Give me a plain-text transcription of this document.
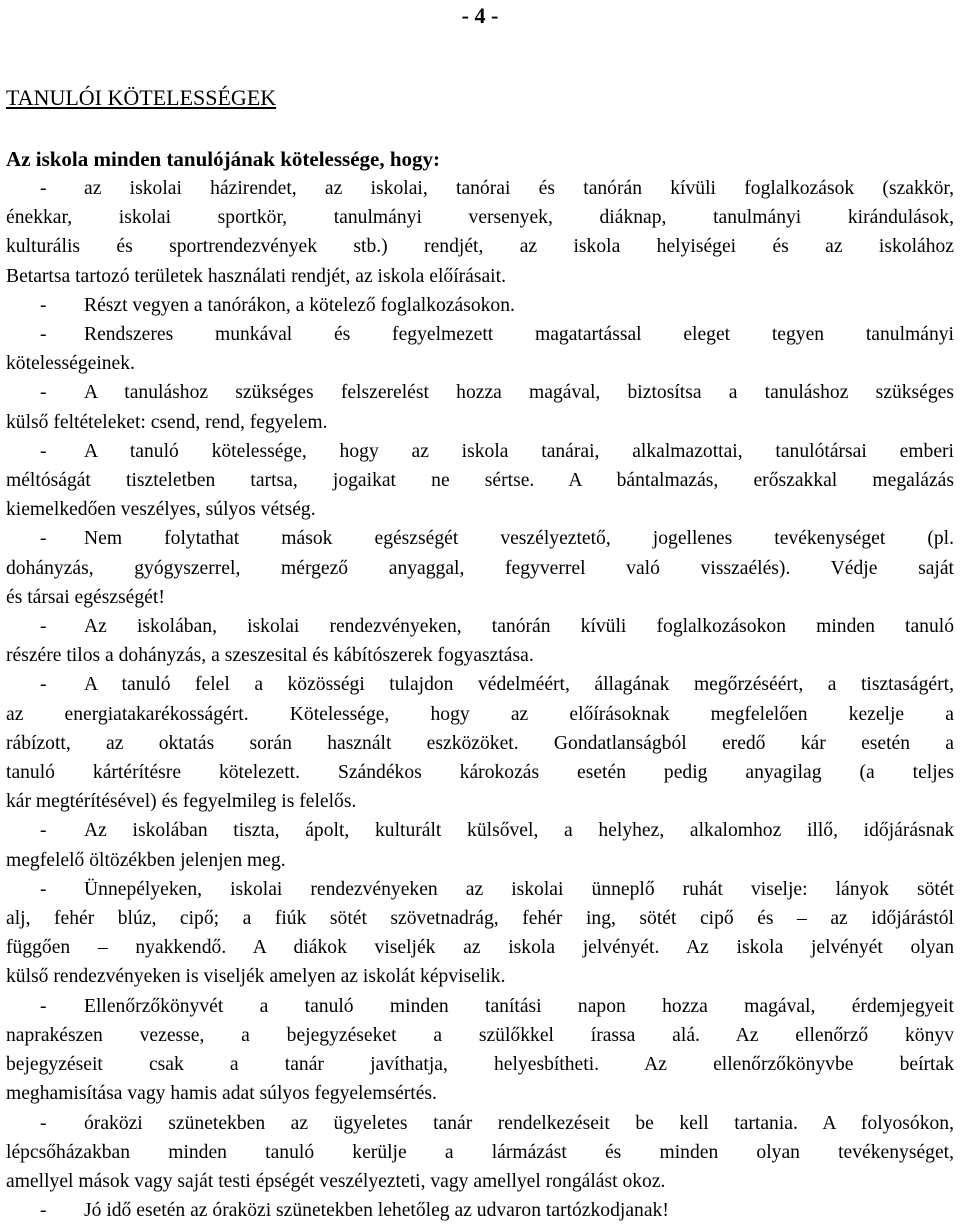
- 4 -
TANULÓI KÖTELESSÉGEK

Az iskola minden tanulójának kötelessége, hogy:

- az iskolai házirendet, az iskolai, tanórai és tanórán kívüli foglalkozások (szakkör,
énekkar, iskolai sportkör, tanulmányi versenyek, diáknap, tanulmányi kirándulások,
kulturális és sportrendezvények stb.) rendjét, az iskola helyiségei és az iskolához
Betartsa tartozó területek használati rendjét, az iskola előírásait.
- Részt vegyen a tanórákon, a kötelező foglalkozásokon.
- Rendszeres munkával és fegyelmezett magatartással eleget tegyen tanulmányi
kötelességeinek.
- A tanuláshoz szükséges felszerelést hozza magával, biztosítsa a tanuláshoz szükséges
külső feltételeket: csend, rend, fegyelem.
- A tanuló kötelessége, hogy az iskola tanárai, alkalmazottai, tanulótársai emberi
méltóságát tiszteletben tartsa, jogaikat ne sértse. A bántalmazás, erőszakkal megalázás
kiemelkedően veszélyes, súlyos vétség.
- Nem folytathat mások egészségét veszélyeztető, jogellenes tevékenységet (pl.
dohányzás, gyógyszerrel, mérgező anyaggal, fegyverrel való visszaélés). Védje saját
és társai egészségét!
- Az iskolában, iskolai rendezvényeken, tanórán kívüli foglalkozásokon minden tanuló
részére tilos a dohányzás, a szeszesital és kábítószerek fogyasztása.
- A tanuló felel a közösségi tulajdon védelméért, állagának megőrzéséért, a tisztaságért,
az energiatakarékosságért. Kötelessége, hogy az előírásoknak megfelelően kezelje a
rábízott, az oktatás során használt eszközöket. Gondatlanságból eredő kár esetén a
tanuló kártérítésre kötelezett. Szándékos károkozás esetén pedig anyagilag (a teljes
kár megtérítésével) és fegyelmileg is felelős.
- Az iskolában tiszta, ápolt, kulturált külsővel, a helyhez, alkalomhoz illő, időjárásnak
megfelelő öltözékben jelenjen meg.
- Ünnepélyeken, iskolai rendezvényeken az iskolai ünneplő ruhát viselje: lányok sötét
alj, fehér blúz, cipő; a fiúk sötét szövetnadrág, fehér ing, sötét cipő és – az időjárástól
függően – nyakkendő. A diákok viseljék az iskola jelvényét. Az iskola jelvényét olyan
külső rendezvényeken is viseljék amelyen az iskolát képviselik.
- Ellenőrzőkönyvét a tanuló minden tanítási napon hozza magával, érdemjegyeit
naprakészen vezesse, a bejegyzéseket a szülőkkel írassa alá. Az ellenőrző könyv
bejegyzéseit csak a tanár javíthatja, helyesbítheti. Az ellenőrzőkönyvbe beírtak
meghamisítása vagy hamis adat súlyos fegyelemsértés.
- óraközi szünetekben az ügyeletes tanár rendelkezéseit be kell tartania. A folyosókon,
lépcsőházakban minden tanuló kerülje a lármázást és minden olyan tevékenységet,
amellyel mások vagy saját testi épségét veszélyezteti, vagy amellyel rongálást okoz.
- Jó idő esetén az óraközi szünetekben lehetőleg az udvaron tartózkodjanak!
